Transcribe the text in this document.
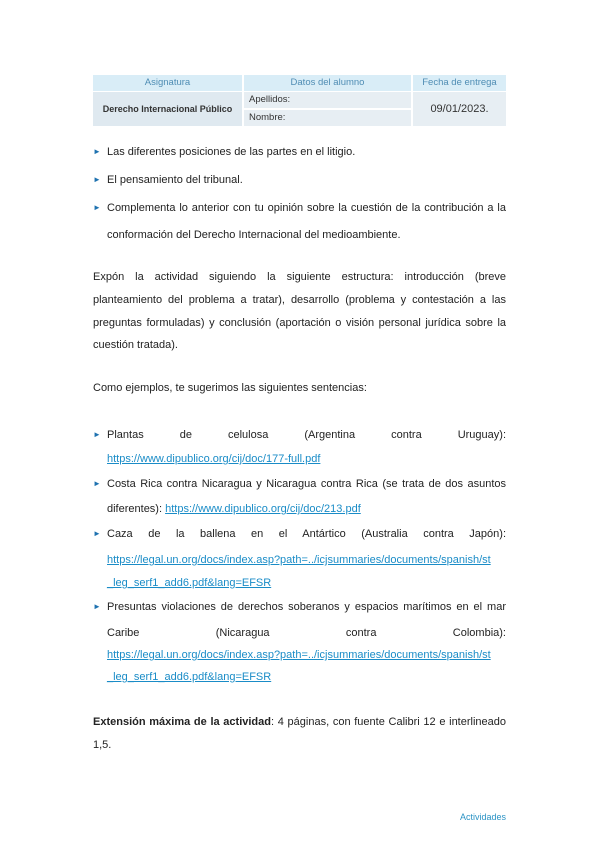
Asignatura	Datos del alumno	Fecha de entrega
Derecho Internacional Público
Apellidos:
Nombre:
09/01/2023.
► Las diferentes posiciones de las partes en el litigio.
► El pensamiento del tribunal.
► Complementa lo anterior con tu opinión sobre la cuestión de la contribución a la
conformación del Derecho Internacional del medioambiente.
Expón la actividad siguiendo la siguiente estructura: introducción (breve
planteamiento del problema a tratar), desarrollo (problema y contestación a las
preguntas formuladas) y conclusión (aportación o visión personal jurídica sobre la
cuestión tratada).
Como ejemplos, te sugerimos las siguientes sentencias:
► Plantas de celulosa (Argentina contra Uruguay):
https://www.dipublico.org/cij/doc/177-full.pdf
► Costa Rica contra Nicaragua y Nicaragua contra Rica (se trata de dos asuntos
diferentes): https://www.dipublico.org/cij/doc/213.pdf
► Caza de la ballena en el Antártico (Australia contra Japón):
https://legal.un.org/docs/index.asp?path=../icjsummaries/documents/spanish/st
_leg_serf1_add6.pdf&lang=EFSR
► Presuntas violaciones de derechos soberanos y espacios marítimos en el mar
Caribe (Nicaragua contra Colombia):
https://legal.un.org/docs/index.asp?path=../icjsummaries/documents/spanish/st
_leg_serf1_add6.pdf&lang=EFSR
Extensión máxima de la actividad: 4 páginas, con fuente Calibri 12 e interlineado
1,5.
Actividades
